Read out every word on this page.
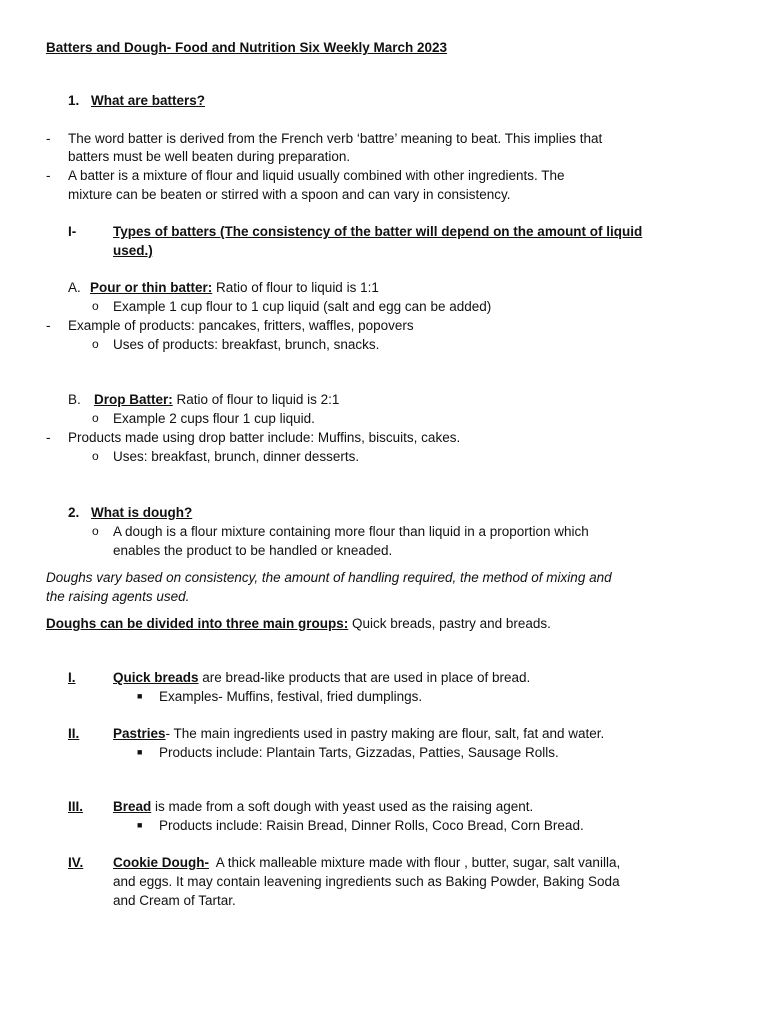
Batters and Dough- Food and Nutrition Six Weekly March 2023
1. What are batters?
- The word batter is derived from the French verb ‘battre’ meaning to beat. This implies that
batters must be well beaten during preparation.
- A batter is a mixture of flour and liquid usually combined with other ingredients. The
mixture can be beaten or stirred with a spoon and can vary in consistency.
I-	Types of batters (The consistency of the batter will depend on the amount of liquid
used.)
A. Pour or thin batter: Ratio of flour to liquid is 1:1
o Example 1 cup flour to 1 cup liquid (salt and egg can be added)
- Example of products: pancakes, fritters, waffles, popovers
o Uses of products: breakfast, brunch, snacks.
B. Drop Batter: Ratio of flour to liquid is 2:1
o Example 2 cups flour 1 cup liquid.
- Products made using drop batter include: Muffins, biscuits, cakes.
o Uses: breakfast, brunch, dinner desserts.
2. What is dough?
o A dough is a flour mixture containing more flour than liquid in a proportion which
enables the product to be handled or kneaded.
Doughs vary based on consistency, the amount of handling required, the method of mixing and
the raising agents used.
Doughs can be divided into three main groups: Quick breads, pastry and breads.
I.	Quick breads are bread-like products that are used in place of bread.
■ Examples- Muffins, festival, fried dumplings.
II. Pastries- The main ingredients used in pastry making are flour, salt, fat and water.
■ Products include: Plantain Tarts, Gizzadas, Patties, Sausage Rolls.
III. Bread is made from a soft dough with yeast used as the raising agent.
■ Products include: Raisin Bread, Dinner Rolls, Coco Bread, Corn Bread.
IV. Cookie Dough-  A thick malleable mixture made with flour , butter, sugar, salt vanilla,
and eggs. It may contain leavening ingredients such as Baking Powder, Baking Soda
and Cream of Tartar.
